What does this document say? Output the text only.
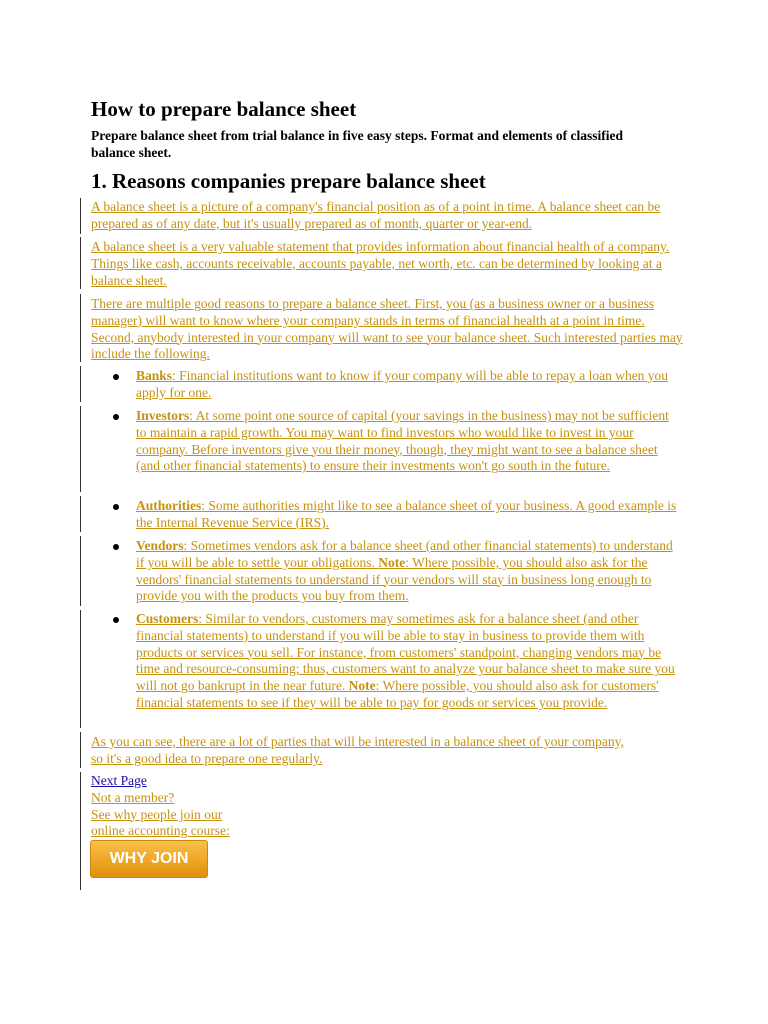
How to prepare balance sheet

Prepare balance sheet from trial balance in five easy steps. Format and elements of classified balance sheet.

1. Reasons companies prepare balance sheet

A balance sheet is a picture of a company's financial position as of a point in time. A balance sheet can be prepared as of any date, but it's usually prepared as of month, quarter or year-end.

A balance sheet is a very valuable statement that provides information about financial health of a company. Things like cash, accounts receivable, accounts payable, net worth, etc. can be determined by looking at a balance sheet.

There are multiple good reasons to prepare a balance sheet. First, you (as a business owner or a business manager) will want to know where your company stands in terms of financial health at a point in time. Second, anybody interested in your company will want to see your balance sheet. Such interested parties may include the following.

Banks: Financial institutions want to know if your company will be able to repay a loan when you apply for one.

Investors: At some point one source of capital (your savings in the business) may not be sufficient to maintain a rapid growth. You may want to find investors who would like to invest in your company. Before inventors give you their money, though, they might want to see a balance sheet (and other financial statements) to ensure their investments won't go south in the future.

Authorities: Some authorities might like to see a balance sheet of your business. A good example is the Internal Revenue Service (IRS).

Vendors: Sometimes vendors ask for a balance sheet (and other financial statements) to understand if you will be able to settle your obligations. Note: Where possible, you should also ask for the vendors' financial statements to understand if your vendors will stay in business long enough to provide you with the products you buy from them.

Customers: Similar to vendors, customers may sometimes ask for a balance sheet (and other financial statements) to understand if you will be able to stay in business to provide them with products or services you sell. For instance, from customers' standpoint, changing vendors may be time and resource-consuming; thus, customers want to analyze your balance sheet to make sure you will not go bankrupt in the near future. Note: Where possible, you should also ask for customers' financial statements to see if they will be able to pay for goods or services you provide.

As you can see, there are a lot of parties that will be interested in a balance sheet of your company, so it's a good idea to prepare one regularly.

Next Page
Not a member?
See why people join our
online accounting course:
WHY JOIN
